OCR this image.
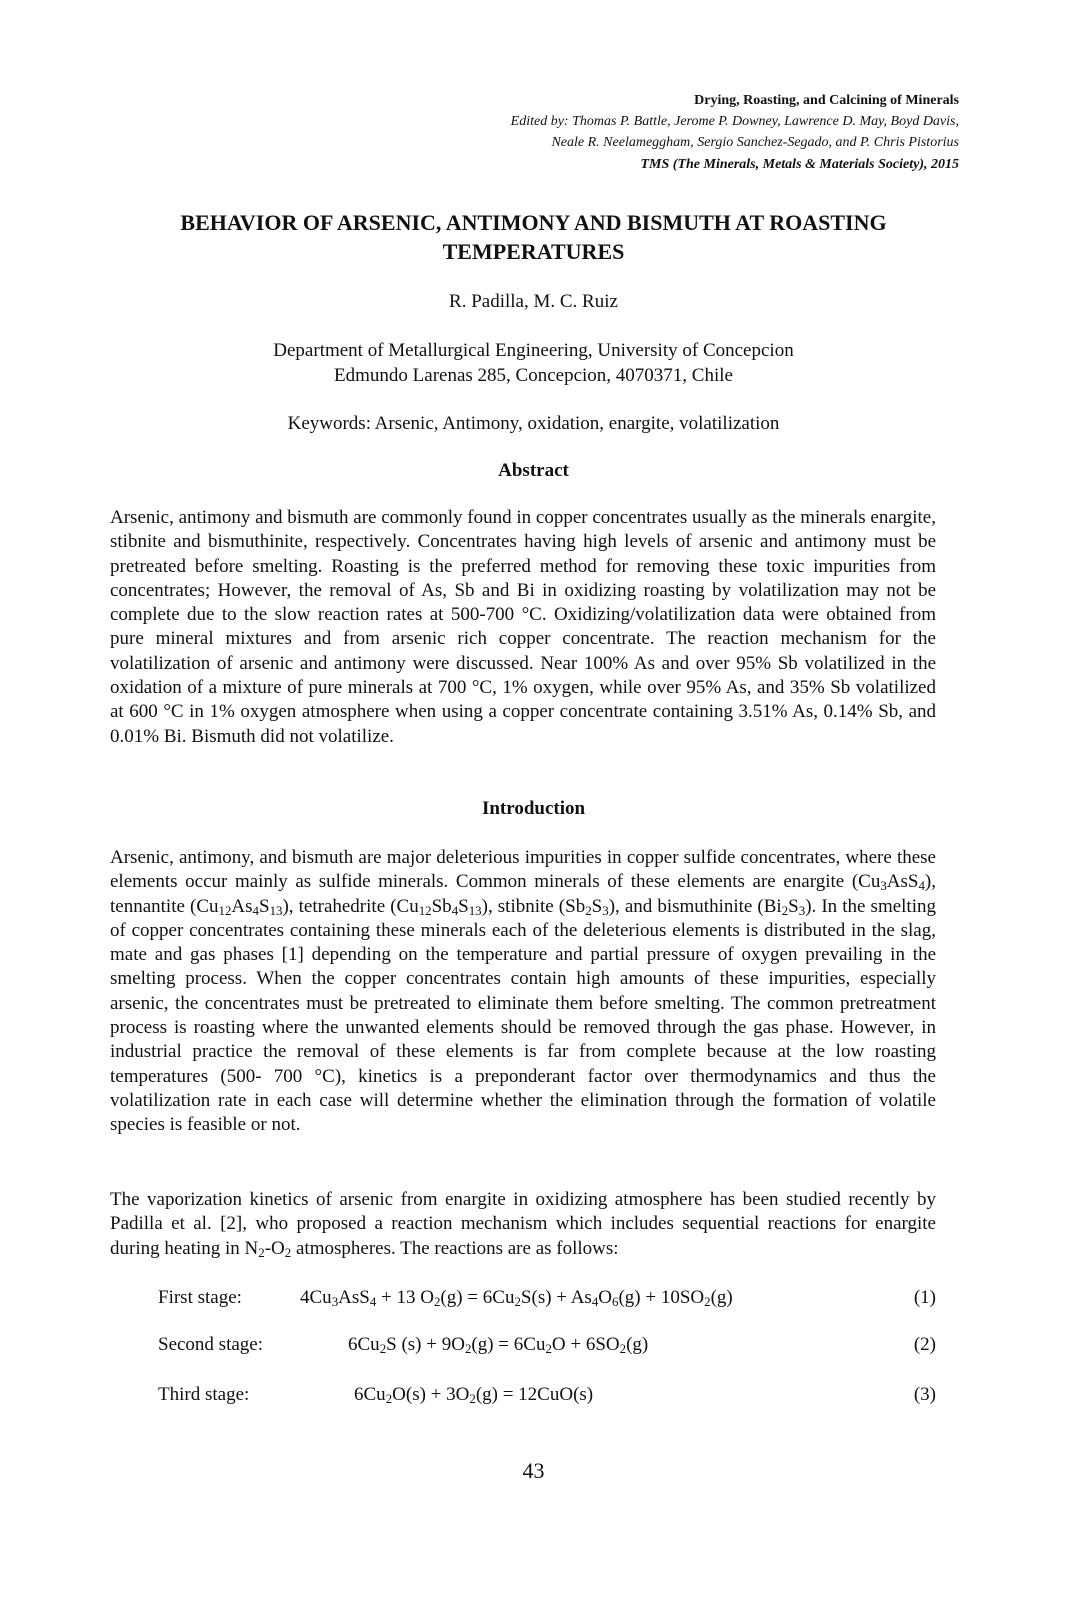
Drying, Roasting, and Calcining of Minerals
Edited by: Thomas P. Battle, Jerome P. Downey, Lawrence D. May, Boyd Davis,
Neale R. Neelameggham, Sergio Sanchez-Segado, and P. Chris Pistorius
TMS (The Minerals, Metals & Materials Society), 2015
BEHAVIOR OF ARSENIC, ANTIMONY AND BISMUTH AT ROASTING
TEMPERATURES
R. Padilla, M. C. Ruiz
Department of Metallurgical Engineering, University of Concepcion
Edmundo Larenas 285, Concepcion, 4070371, Chile
Keywords: Arsenic, Antimony, oxidation, enargite, volatilization
Abstract

Arsenic, antimony and bismuth are commonly found in copper concentrates usually as the minerals enargite, stibnite and bismuthinite, respectively. Concentrates having high levels of arsenic and antimony must be pretreated before smelting. Roasting is the preferred method for removing these toxic impurities from concentrates; However, the removal of As, Sb and Bi in oxidizing roasting by volatilization may not be complete due to the slow reaction rates at 500-700 °C. Oxidizing/volatilization data were obtained from pure mineral mixtures and from arsenic rich copper concentrate. The reaction mechanism for the volatilization of arsenic and antimony were discussed. Near 100% As and over 95% Sb volatilized in the oxidation of a mixture of pure minerals at 700 °C, 1% oxygen, while over 95% As, and 35% Sb volatilized at 600 °C in 1% oxygen atmosphere when using a copper concentrate containing 3.51% As, 0.14% Sb, and 0.01% Bi. Bismuth did not volatilize.

Introduction

Arsenic, antimony, and bismuth are major deleterious impurities in copper sulfide concentrates, where these elements occur mainly as sulfide minerals. Common minerals of these elements are enargite $(Cu_3AsS_4)$, tennantite $(Cu_{12}As_4S_{13})$, tetrahedrite $(Cu_{12}Sb_4S_{13})$, stibnite $(Sb_2S_3)$, and bismuthinite $(Bi_2S_3)$. In the smelting of copper concentrates containing these minerals each of the deleterious elements is distributed in the slag, mate and gas phases [1] depending on the temperature and partial pressure of oxygen prevailing in the smelting process. When the copper concentrates contain high amounts of these impurities, especially arsenic, the concentrates must be pretreated to eliminate them before smelting. The common pretreatment process is roasting where the unwanted elements should be removed through the gas phase. However, in industrial practice the removal of these elements is far from complete because at the low roasting temperatures (500- 700 °C), kinetics is a preponderant factor over thermodynamics and thus the volatilization rate in each case will determine whether the elimination through the formation of volatile species is feasible or not.

The vaporization kinetics of arsenic from enargite in oxidizing atmosphere has been studied recently by Padilla et al. [2], who proposed a reaction mechanism which includes sequential reactions for enargite during heating in $N_2-O_2$ atmospheres. The reactions are as follows:

First stage:	$4Cu_3AsS_4 + 13$ $O_2(g) = 6Cu_2S(s) + As_4O_6(g) + 10SO_2(g)$	(1)
Second stage:	$6Cu_2S$ $(s) + 9O_2(g) = 6Cu_2O + 6SO_2(g)$	(2)
Third stage:	$6Cu_2O(s) + 3O_2(g) = 12CuO(s)$	(3)
43
